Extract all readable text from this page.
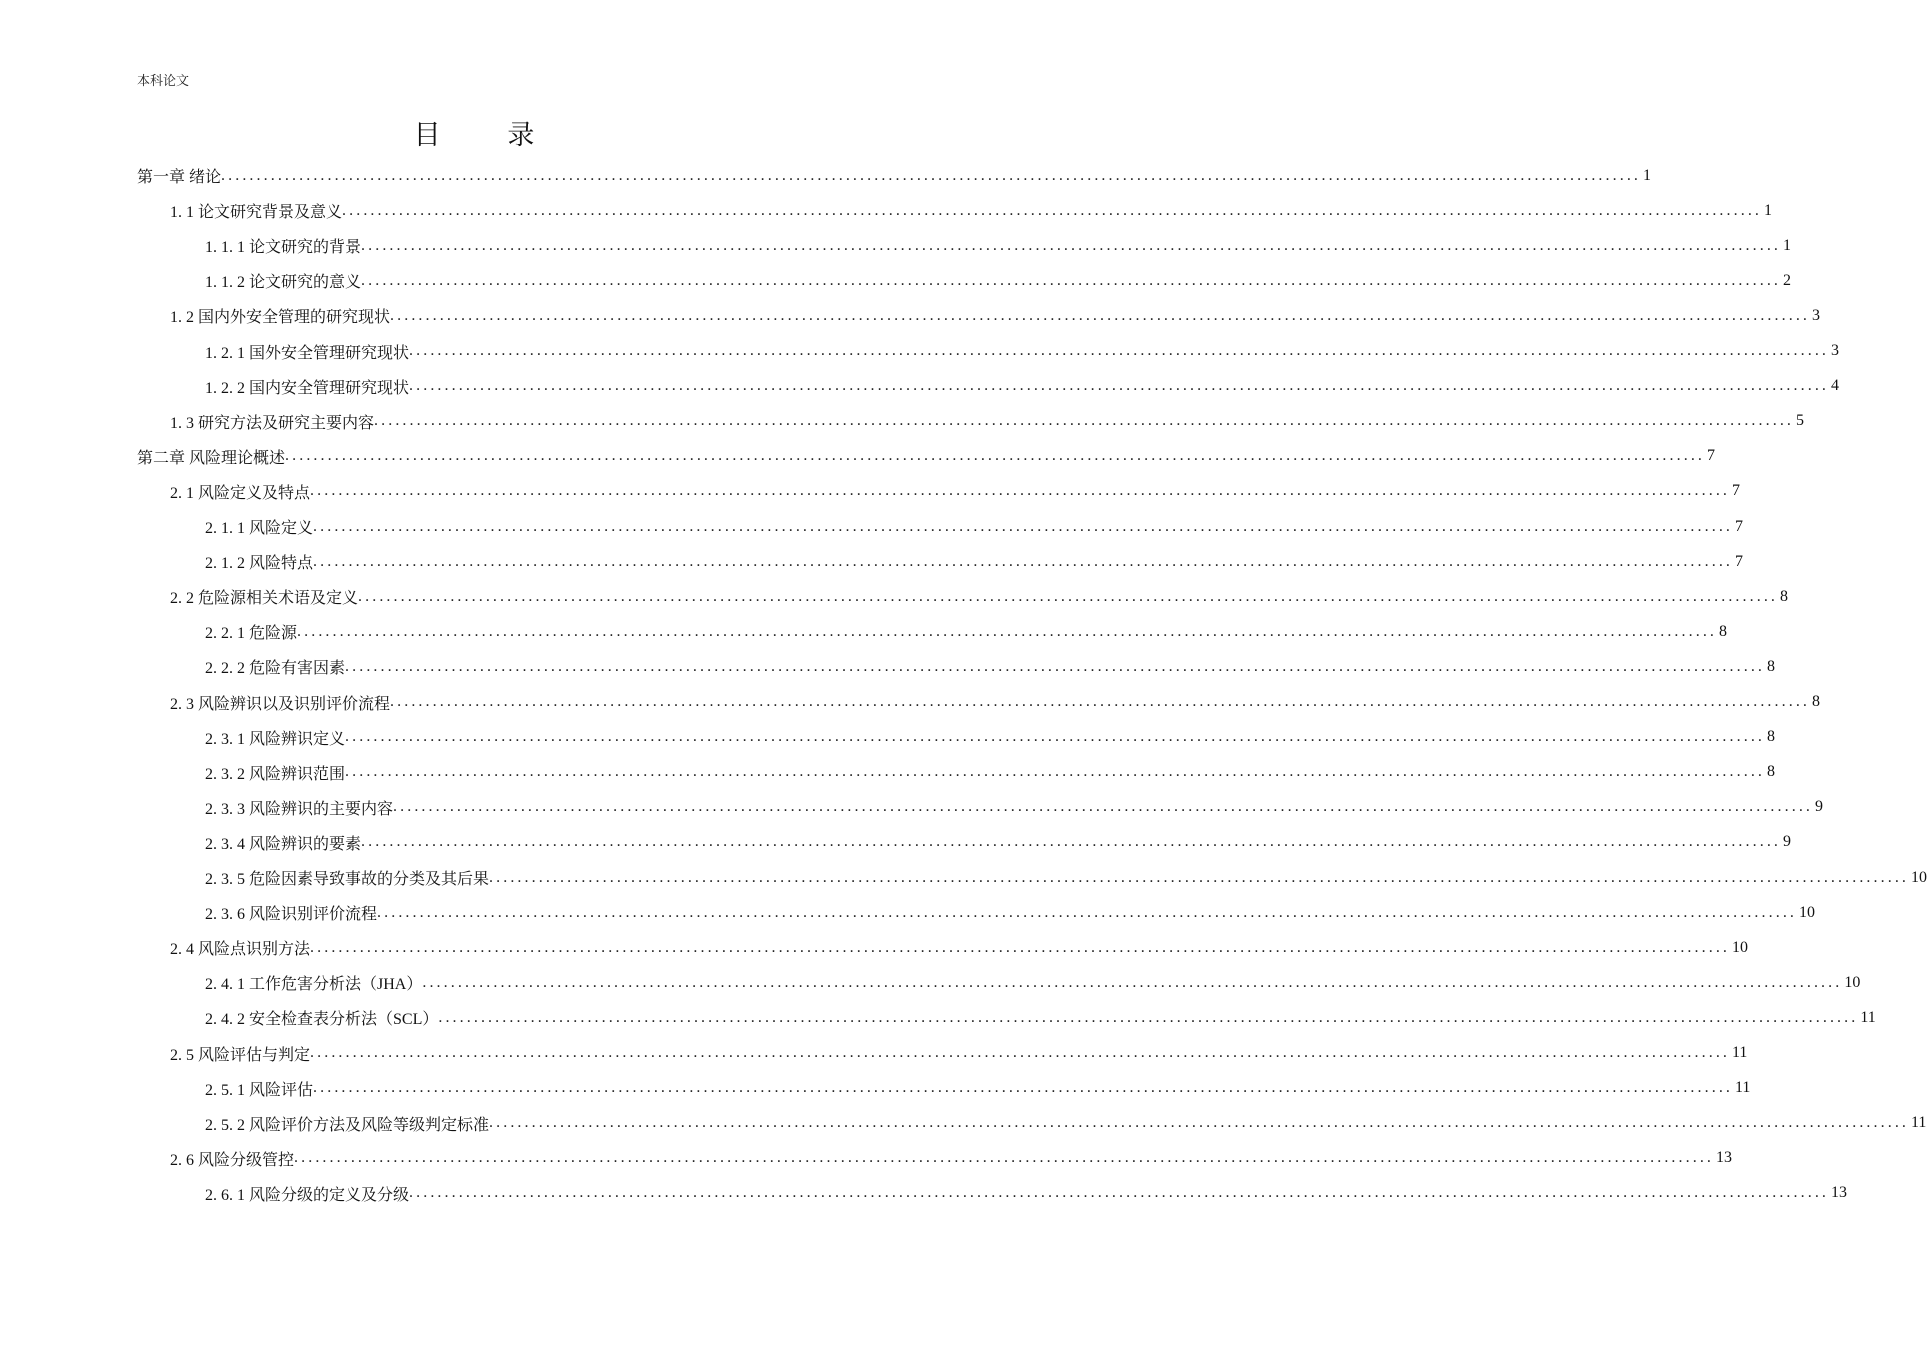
本科论文
目 录
第一章 绪论 ........................................................................................................................................................................................................ 1
1. 1 论文研究背景及意义 ........................................................................................................................................................................................................ 1
1. 1. 1 论文研究的背景 ........................................................................................................................................................................................................ 1
1. 1. 2 论文研究的意义 ........................................................................................................................................................................................................ 2
1. 2 国内外安全管理的研究现状 ........................................................................................................................................................................................................ 3
1. 2. 1 国外安全管理研究现状 ........................................................................................................................................................................................................ 3
1. 2. 2 国内安全管理研究现状 ........................................................................................................................................................................................................ 4
1. 3 研究方法及研究主要内容 ........................................................................................................................................................................................................ 5
第二章 风险理论概述 ........................................................................................................................................................................................................ 7
2. 1 风险定义及特点 ........................................................................................................................................................................................................ 7
2. 1. 1 风险定义 ........................................................................................................................................................................................................ 7
2. 1. 2 风险特点 ........................................................................................................................................................................................................ 7
2. 2 危险源相关术语及定义 ........................................................................................................................................................................................................ 8
2. 2. 1 危险源 ........................................................................................................................................................................................................ 8
2. 2. 2 危险有害因素 ........................................................................................................................................................................................................ 8
2. 3 风险辨识以及识别评价流程 ........................................................................................................................................................................................................ 8
2. 3. 1 风险辨识定义 ........................................................................................................................................................................................................ 8
2. 3. 2 风险辨识范围 ........................................................................................................................................................................................................ 8
2. 3. 3 风险辨识的主要内容 ........................................................................................................................................................................................................ 9
2. 3. 4 风险辨识的要素 ........................................................................................................................................................................................................ 9
2. 3. 5 危险因素导致事故的分类及其后果 ........................................................................................................................................................................................................ 10
2. 3. 6 风险识别评价流程 ........................................................................................................................................................................................................ 10
2. 4 风险点识别方法 ........................................................................................................................................................................................................ 10
2. 4. 1 工作危害分析法（JHA） ........................................................................................................................................................................................................ 10
2. 4. 2 安全检查表分析法（SCL） ........................................................................................................................................................................................................ 11
2. 5 风险评估与判定 ........................................................................................................................................................................................................ 11
2. 5. 1 风险评估 ........................................................................................................................................................................................................ 11
2. 5. 2 风险评价方法及风险等级判定标准 ........................................................................................................................................................................................................ 11
2. 6 风险分级管控 ........................................................................................................................................................................................................ 13
2. 6. 1 风险分级的定义及分级 ........................................................................................................................................................................................................ 13
